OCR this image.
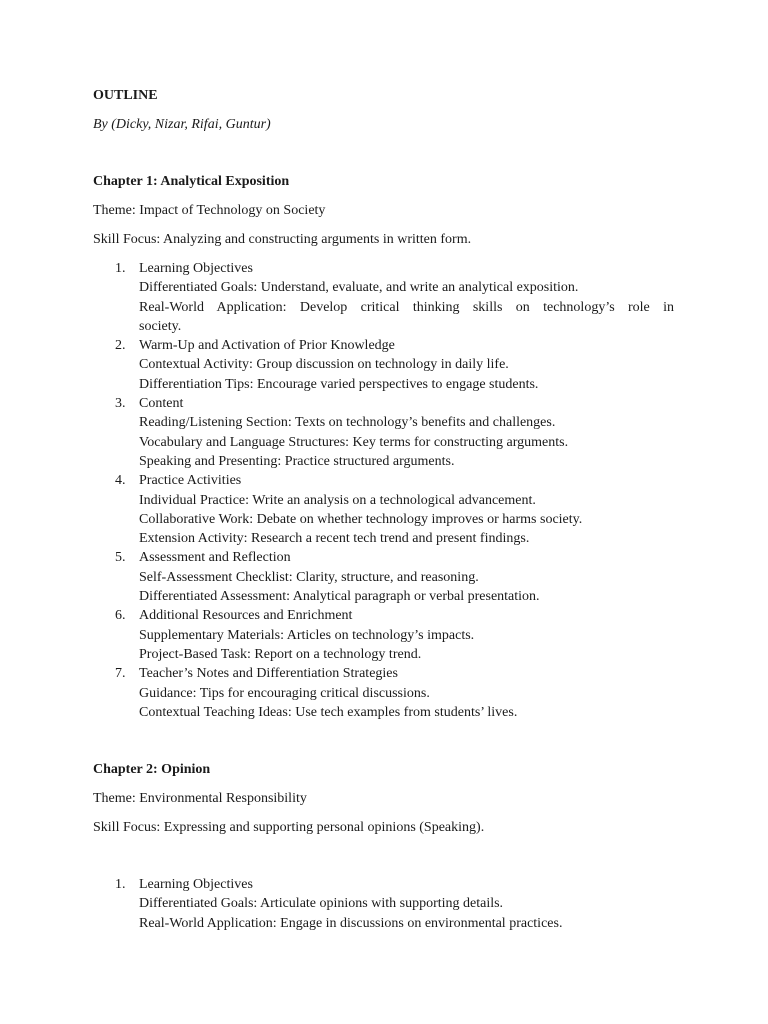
OUTLINE

By (Dicky, Nizar, Rifai, Guntur)

Chapter 1: Analytical Exposition

Theme: Impact of Technology on Society

Skill Focus: Analyzing and constructing arguments in written form.

1. Learning Objectives
Differentiated Goals: Understand, evaluate, and write an analytical exposition.
Real-World Application: Develop critical thinking skills on technology’s role in
society.
2. Warm-Up and Activation of Prior Knowledge
Contextual Activity: Group discussion on technology in daily life.
Differentiation Tips: Encourage varied perspectives to engage students.
3. Content
Reading/Listening Section: Texts on technology’s benefits and challenges.
Vocabulary and Language Structures: Key terms for constructing arguments.
Speaking and Presenting: Practice structured arguments.
4. Practice Activities
Individual Practice: Write an analysis on a technological advancement.
Collaborative Work: Debate on whether technology improves or harms society.
Extension Activity: Research a recent tech trend and present findings.
5. Assessment and Reflection
Self-Assessment Checklist: Clarity, structure, and reasoning.
Differentiated Assessment: Analytical paragraph or verbal presentation.
6. Additional Resources and Enrichment
Supplementary Materials: Articles on technology’s impacts.
Project-Based Task: Report on a technology trend.
7. Teacher’s Notes and Differentiation Strategies
Guidance: Tips for encouraging critical discussions.
Contextual Teaching Ideas: Use tech examples from students’ lives.

Chapter 2: Opinion

Theme: Environmental Responsibility

Skill Focus: Expressing and supporting personal opinions (Speaking).

1. Learning Objectives
Differentiated Goals: Articulate opinions with supporting details.
Real-World Application: Engage in discussions on environmental practices.
